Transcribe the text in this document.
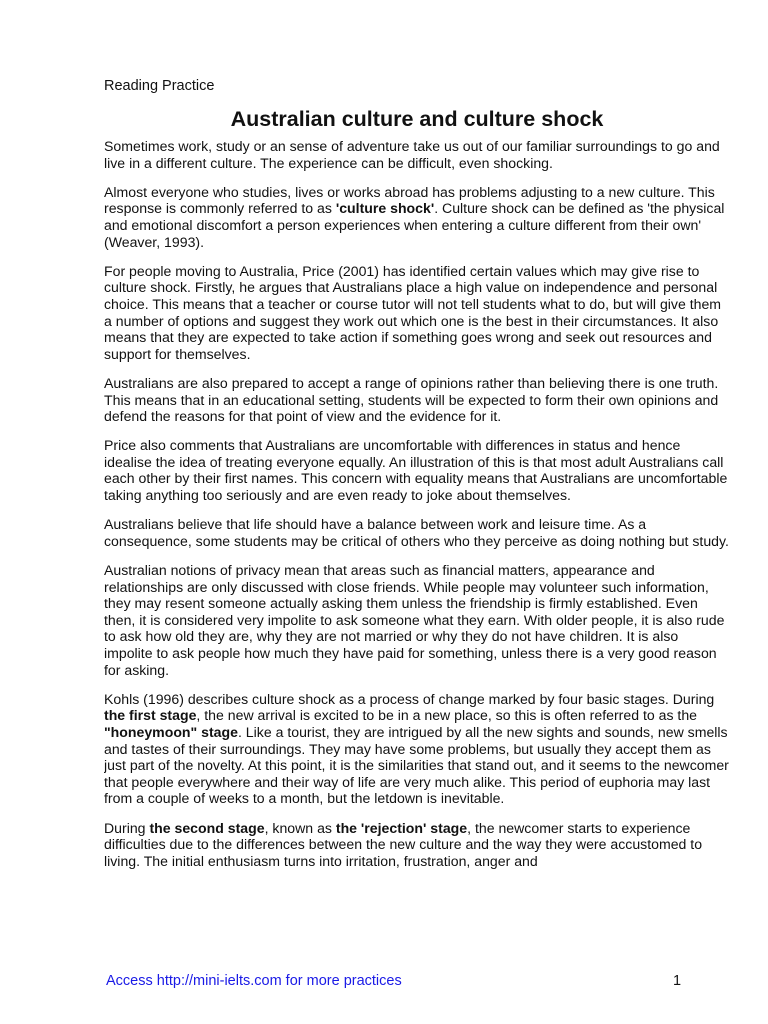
Reading Practice
Australian culture and culture shock

Sometimes work, study or an sense of adventure take us out of our familiar surroundings to go and live in a different culture. The experience can be difficult, even shocking.

Almost everyone who studies, lives or works abroad has problems adjusting to a new culture. This response is commonly referred to as 'culture shock'. Culture shock can be defined as 'the physical and emotional discomfort a person experiences when entering a culture different from their own' (Weaver, 1993).

For people moving to Australia, Price (2001) has identified certain values which may give rise to culture shock. Firstly, he argues that Australians place a high value on independence and personal choice. This means that a teacher or course tutor will not tell students what to do, but will give them a number of options and suggest they work out which one is the best in their circumstances. It also means that they are expected to take action if something goes wrong and seek out resources and support for themselves.

Australians are also prepared to accept a range of opinions rather than believing there is one truth. This means that in an educational setting, students will be expected to form their own opinions and defend the reasons for that point of view and the evidence for it.

Price also comments that Australians are uncomfortable with differences in status and hence idealise the idea of treating everyone equally. An illustration of this is that most adult Australians call each other by their first names. This concern with equality means that Australians are uncomfortable taking anything too seriously and are even ready to joke about themselves.

Australians believe that life should have a balance between work and leisure time. As a consequence, some students may be critical of others who they perceive as doing nothing but study.

Australian notions of privacy mean that areas such as financial matters, appearance and relationships are only discussed with close friends. While people may volunteer such information, they may resent someone actually asking them unless the friendship is firmly established. Even then, it is considered very impolite to ask someone what they earn. With older people, it is also rude to ask how old they are, why they are not married or why they do not have children. It is also impolite to ask people how much they have paid for something, unless there is a very good reason for asking.

Kohls (1996) describes culture shock as a process of change marked by four basic stages. During the first stage, the new arrival is excited to be in a new place, so this is often referred to as the "honeymoon" stage. Like a tourist, they are intrigued by all the new sights and sounds, new smells and tastes of their surroundings. They may have some problems, but usually they accept them as just part of the novelty. At this point, it is the similarities that stand out, and it seems to the newcomer that people everywhere and their way of life are very much alike. This period of euphoria may last from a couple of weeks to a month, but the letdown is inevitable.

During the second stage, known as the 'rejection' stage, the newcomer starts to experience difficulties due to the differences between the new culture and the way they were accustomed to living. The initial enthusiasm turns into irritation, frustration, anger and

Access http://mini-ielts.com for more practices	1
